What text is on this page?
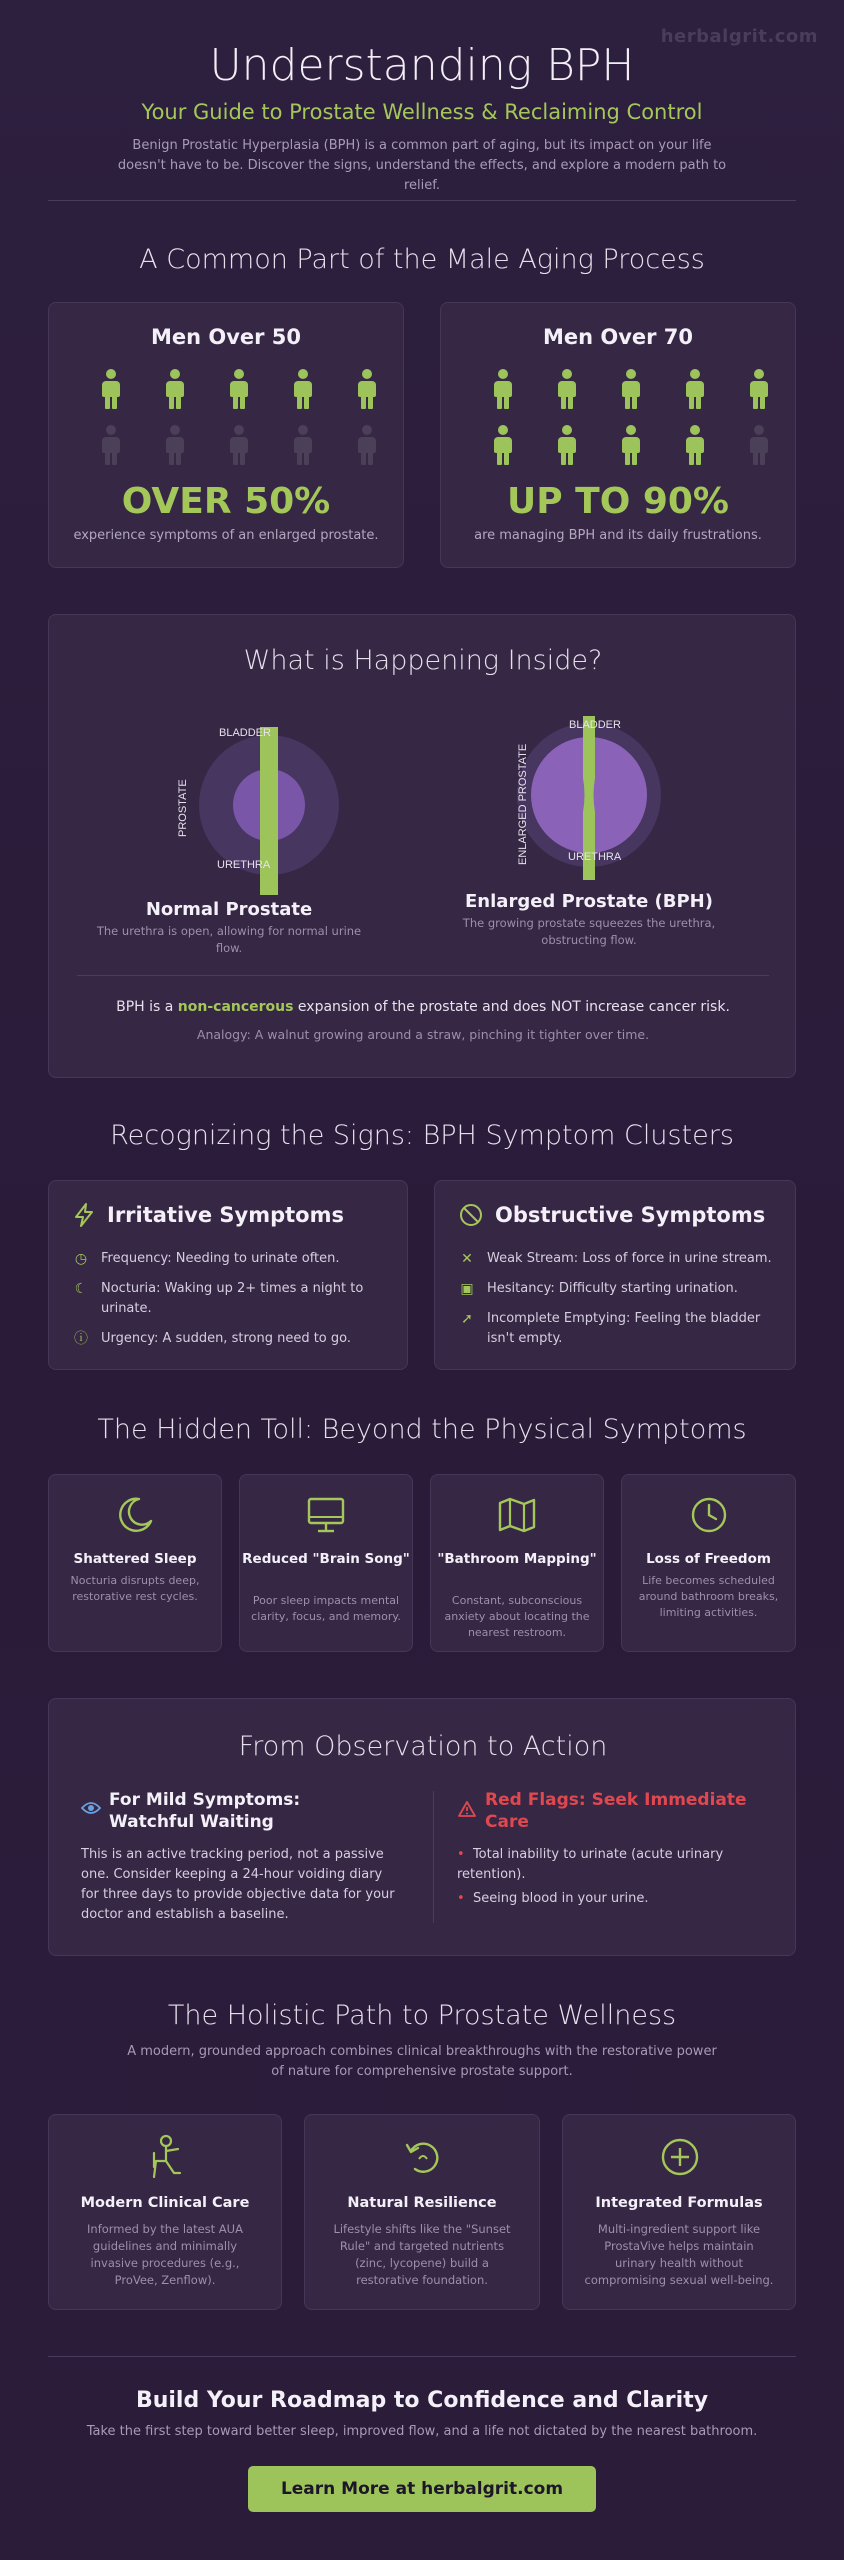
herbalgrit.com
Understanding BPH
Your Guide to Prostate Wellness & Reclaiming Control
Benign Prostatic Hyperplasia (BPH) is a common part of aging, but its impact on your life doesn't have to be. Discover the signs, understand the effects, and explore a modern path to relief.
A Common Part of the Male Aging Process
Men Over 50
OVER 50%
experience symptoms of an enlarged prostate.
Men Over 70
UP TO 90%
are managing BPH and its daily frustrations.
What is Happening Inside?
BLADDER
PROSTATE
URETHRA
Normal Prostate
The urethra is open, allowing for normal urine flow.
BLADDER
ENLARGED PROSTATE	URETHRA
Enlarged Prostate (BPH)
The growing prostate squeezes the urethra, obstructing flow.
BPH is a non-cancerous expansion of the prostate and does NOT increase cancer risk.
Analogy: A walnut growing around a straw, pinching it tighter over time.
Recognizing the Signs: BPH Symptom Clusters
Irritative Symptoms
◷ Frequency: Needing to urinate often.
☾ Nocturia: Waking up 2+ times a night to urinate.
ⓘ Urgency: A sudden, strong need to go.
Obstructive Symptoms
✕ Weak Stream: Loss of force in urine stream.
▣ Hesitancy: Difficulty starting urination.
➚ Incomplete Emptying: Feeling the bladder isn't empty.
The Hidden Toll: Beyond the Physical Symptoms
Shattered Sleep
Nocturia disrupts deep, restorative rest cycles.
Reduced "Brain Song"
Poor sleep impacts mental clarity, focus, and memory.
"Bathroom Mapping"
Constant, subconscious anxiety about locating the nearest restroom.
Loss of Freedom
Life becomes scheduled around bathroom breaks, limiting activities.
From Observation to Action
For Mild Symptoms: Watchful Waiting
This is an active tracking period, not a passive one. Consider keeping a 24-hour voiding diary for three days to provide objective data for your doctor and establish a baseline.
Red Flags: Seek Immediate Care
• Total inability to urinate (acute urinary retention).
• Seeing blood in your urine.
The Holistic Path to Prostate Wellness
A modern, grounded approach combines clinical breakthroughs with the restorative power of nature for comprehensive prostate support.
Modern Clinical Care
Informed by the latest AUA guidelines and minimally invasive procedures (e.g., ProVee, Zenflow).
Natural Resilience
Lifestyle shifts like the "Sunset Rule" and targeted nutrients (zinc, lycopene) build a restorative foundation.
Integrated Formulas
Multi-ingredient support like ProstaVive helps maintain urinary health without compromising sexual well-being.
Build Your Roadmap to Confidence and Clarity
Take the first step toward better sleep, improved flow, and a life not dictated by the nearest bathroom.
Learn More at herbalgrit.com
